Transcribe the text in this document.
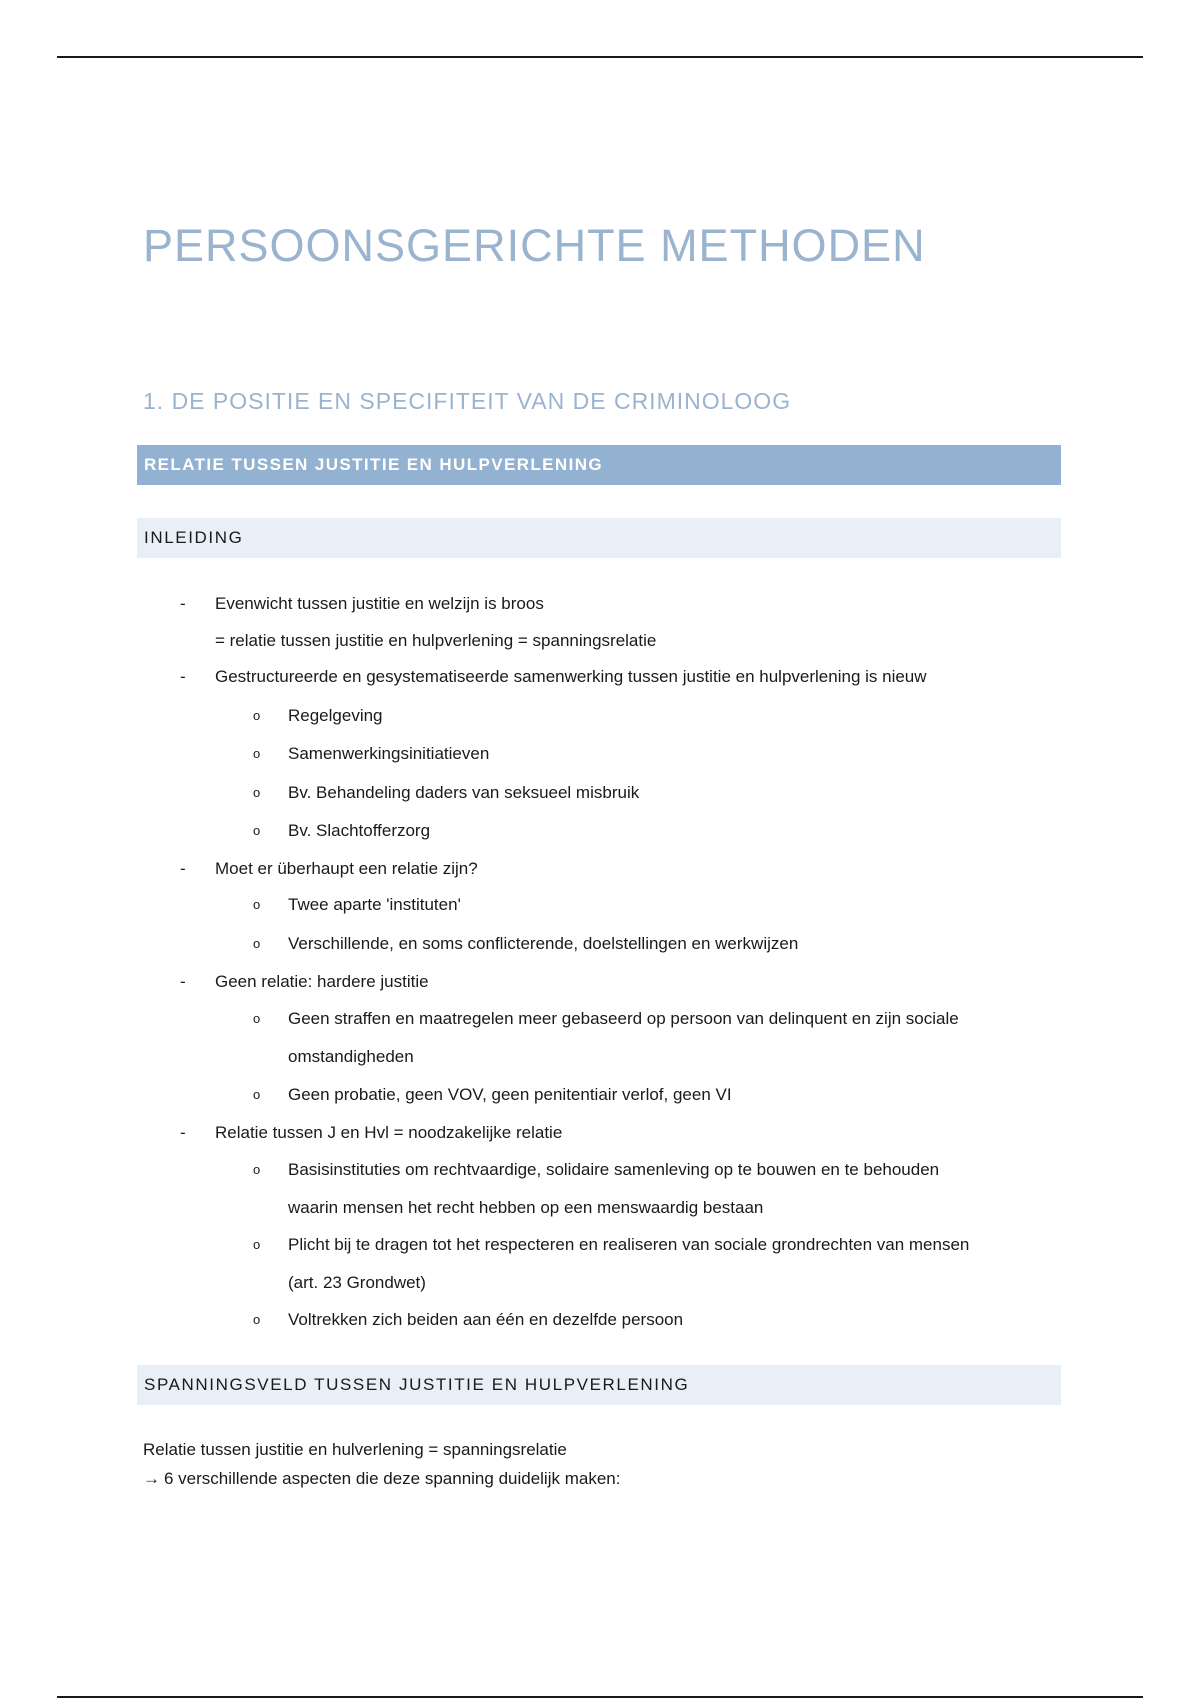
PERSOONSGERICHTE METHODEN
1. DE POSITIE EN SPECIFITEIT VAN DE CRIMINOLOOG
RELATIE TUSSEN JUSTITIE EN HULPVERLENING
INLEIDING
- Evenwicht tussen justitie en welzijn is broos
= relatie tussen justitie en hulpverlening = spanningsrelatie
- Gestructureerde en gesystematiseerde samenwerking tussen justitie en hulpverlening is nieuw
o Regelgeving
o Samenwerkingsinitiatieven
o Bv. Behandeling daders van seksueel misbruik
o Bv. Slachtofferzorg
- Moet er überhaupt een relatie zijn?
o Twee aparte 'instituten'
o Verschillende, en soms conflicterende, doelstellingen en werkwijzen
- Geen relatie: hardere justitie
o Geen straffen en maatregelen meer gebaseerd op persoon van delinquent en zijn sociale
omstandigheden
o Geen probatie, geen VOV, geen penitentiair verlof, geen VI
- Relatie tussen J en Hvl = noodzakelijke relatie
o Basisinstituties om rechtvaardige, solidaire samenleving op te bouwen en te behouden
waarin mensen het recht hebben op een menswaardig bestaan
o Plicht bij te dragen tot het respecteren en realiseren van sociale grondrechten van mensen
(art. 23 Grondwet)
o Voltrekken zich beiden aan één en dezelfde persoon
SPANNINGSVELD TUSSEN JUSTITIE EN HULPVERLENING
Relatie tussen justitie en hulverlening = spanningsrelatie
→ 6 verschillende aspecten die deze spanning duidelijk maken:
